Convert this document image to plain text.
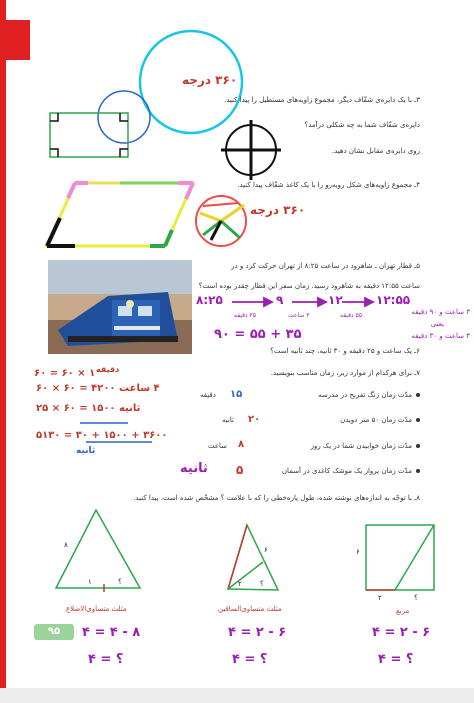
۳۶۰ درجه
۳ـ با یک دایره‌ی شفّاف دیگر، مجموع زاویه‌های مستطیل را پیدا کنید.
دایره‌ی شفّاف شما به چه شکلی درآمد؟
روی دایره‌ی مقابل نشان دهید.
۴ـ مجموع زاویه‌های شکل روبه‌رو را با یک کاغذ شفّاف پیدا کنید.
۳۶۰ درجه
۵ـ قطار تهران ـ شاهرود در ساعت ۸:۲۵ از تهران حرکت کرد و در
ساعت ۱۲:۵۵ دقیقه به شاهرود رسید. زمان سفر این قطار چقدر بوده است؟
۸:۲۵	۹	۱۲	۱۲:۵۵
۳۵ دقیقه	۳ ساعت	۵۵ دقیقه	۳ ساعت و ۹۰ دقیقه
یعنی
۴ ساعت و ۳۰ دقیقه
۳۵ + ۵۵ = ۹۰
۶ـ یک ساعت و ۲۵ دقیقه و ۳۰ ثانیه، چند ثانیه است؟
دقیقه
۱ × ۶۰ = ۶۰
۴ ساعت ۴۲۰۰ = ۶۰ × ۶۰
ثانیه ۱۵۰۰ = ۶۰ × ۲۵
۳۶۰۰ + ۱۵۰۰ + ۳۰ = ۵۱۳۰
ثانیه
۷ـ برای هرکدام از موارد زیر، زمان مناسب بنویسید.
مدّت زمان زنگ تفریح در مدرسه
۱۵
دقیقه
مدّت زمان ۵۰ متر دویدن
۲۰
ثانیه
مدّت زمان خوابیدن شما در یک روز
۸
ساعت
مدّت زمان پرواز یک موشک کاغذی در آسمان
۵
ثانیه
۸ـ با توجّه به اندازه‌های نوشته شده، طول پاره‌خطی را که با علامت ؟ مشخّص شده است، پیدا کنید.
۸
۱	؟
مثلث متساوی‌الاضلاع
۸ - ۴ = ۴
؟ = ۴
۶
۲	؟
مثلث متساوی‌الساقین
۶ - ۲ = ۴
؟ = ۴
۶
۲	؟
مربع
۶ - ۲ = ۴
؟ = ۴
۹۵
